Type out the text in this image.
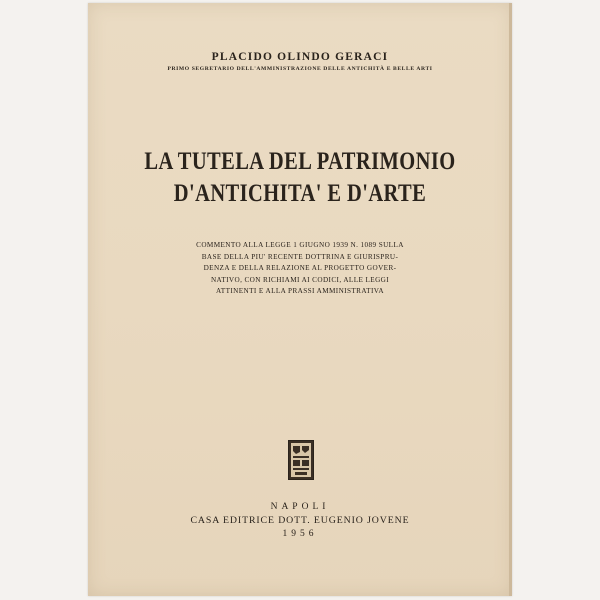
PLACIDO OLINDO GERACI
PRIMO SEGRETARIO DELL'AMMINISTRAZIONE DELLE ANTICHITÀ E BELLE ARTI
LA TUTELA DEL PATRIMONIO
D'ANTICHITA' E D'ARTE
COMMENTO ALLA LEGGE 1 GIUGNO 1939 N. 1089 SULLA
BASE DELLA PIU' RECENTE DOTTRINA E GIURISPRU-
DENZA E DELLA RELAZIONE AL PROGETTO GOVER-
NATIVO, CON RICHIAMI AI CODICI, ALLE LEGGI
ATTINENTI E ALLA PRASSI AMMINISTRATIVA
NAPOLI
CASA EDITRICE DOTT. EUGENIO JOVENE
1956
